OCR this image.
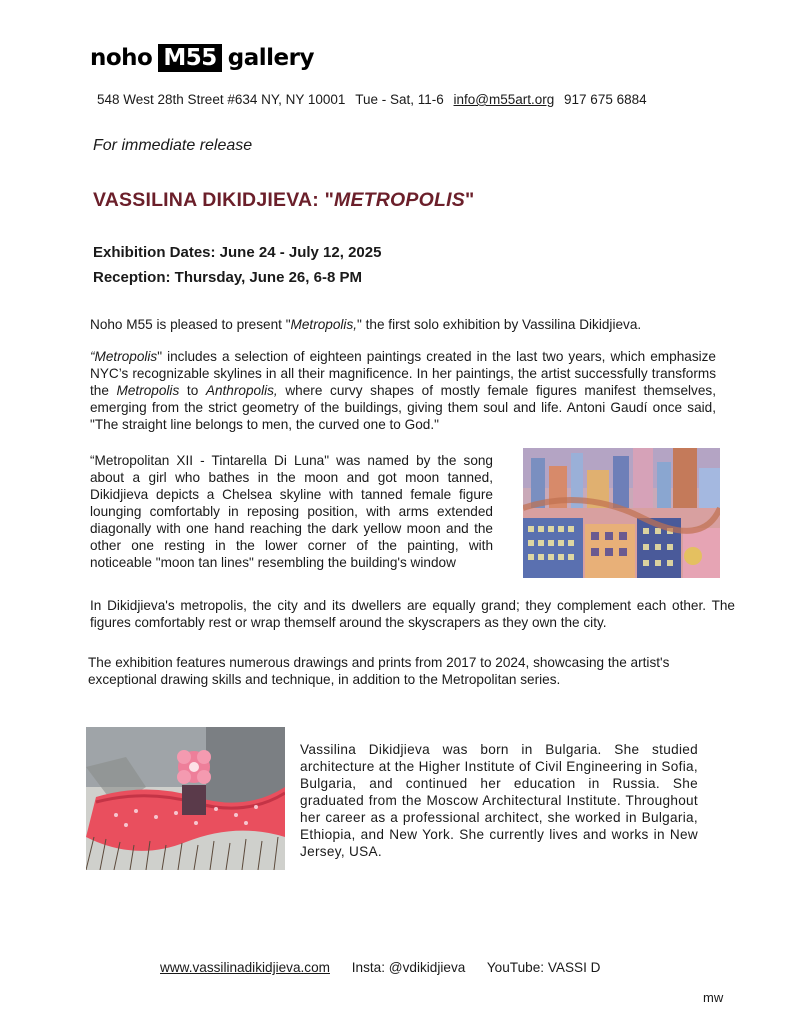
noho M55 gallery
548 West 28th Street #634 NY, NY 10001 Tue - Sat, 11-6 info@m55art.org 917 675 6884
For immediate release
VASSILINA DIKIDJIEVA: "METROPOLIS"
Exhibition Dates: June 24 - July 12, 2025
Reception: Thursday, June 26, 6-8 PM
Noho M55 is pleased to present "Metropolis," the first solo exhibition by Vassilina Dikidjieva.
“Metropolis" includes a selection of eighteen paintings created in the last two years, which emphasize NYC’s recognizable skylines in all their magnificence. In her paintings, the artist successfully transforms the Metropolis to Anthropolis, where curvy shapes of mostly female figures manifest themselves, emerging from the strict geometry of the buildings, giving them soul and life. Antoni Gaudí once said, "The straight line belongs to men, the curved one to God."
“Metropolitan XII - Tintarella Di Luna" was named by the song about a girl who bathes in the moon and got moon tanned, Dikidjieva depicts a Chelsea skyline with tanned female figure lounging comfortably in reposing position, with arms extended diagonally with one hand reaching the dark yellow moon and the other one resting in the lower corner of the painting, with noticeable "moon tan lines" resembling the building's window
In Dikidjieva's metropolis, the city and its dwellers are equally grand; they complement each other. The figures comfortably rest or wrap themself around the skyscrapers as they own the city.
The exhibition features numerous drawings and prints from 2017 to 2024, showcasing the artist's exceptional drawing skills and technique, in addition to the Metropolitan series.
Vassilina Dikidjieva was born in Bulgaria. She studied architecture at the Higher Institute of Civil Engineering in Sofia, Bulgaria, and continued her education in Russia. She graduated from the Moscow Architectural Institute. Throughout her career as a professional architect, she worked in Bulgaria, Ethiopia, and New York. She currently lives and works in New Jersey, USA.
www.vassilinadikidjieva.com Insta: @vdikidjieva YouTube: VASSI D
mw
